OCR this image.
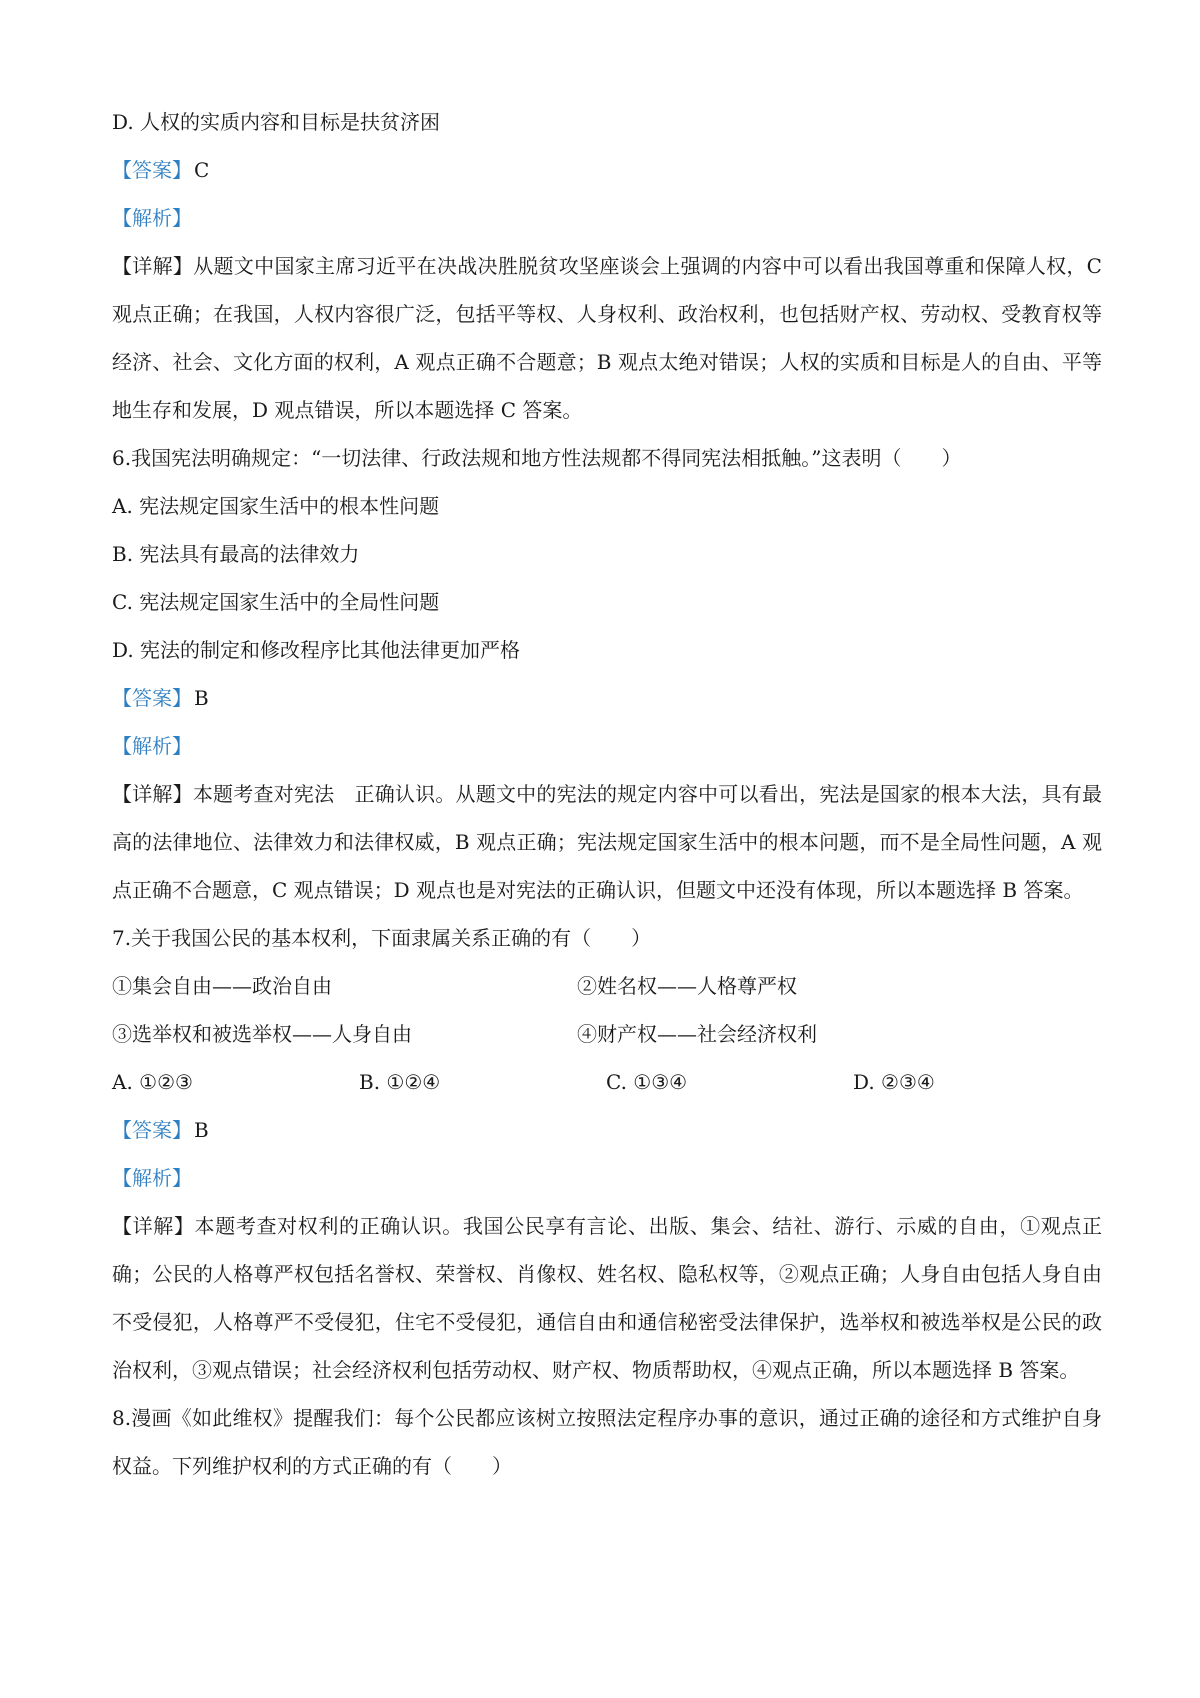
D. 人权的实质内容和目标是扶贫济困
【答案】 C
【解析】
【详解】从题文中国家主席习近平在决战决胜脱贫攻坚座谈会上强调的内容中可以看出我国尊重和保障人权，C 观点正确；在我国，人权内容很广泛，包括平等权、人身权利、政治权利，也包括财产权、劳动权、受教育权等经济、社会、文化方面的权利，A 观点正确不合题意；B 观点太绝对错误；人权的实质和目标是人的自由、平等地生存和发展，D 观点错误，所以本题选择 C 答案。
6.我国宪法明确规定：“一切法律、行政法规和地方性法规都不得同宪法相抵触。”这表明（　　）
A. 宪法规定国家生活中的根本性问题
B. 宪法具有最高的法律效力
C. 宪法规定国家生活中的全局性问题
D. 宪法的制定和修改程序比其他法律更加严格
【答案】 B
【解析】
【详解】本题考查对宪法　正确认识。从题文中的宪法的规定内容中可以看出，宪法是国家的根本大法，具有最高的法律地位、法律效力和法律权威，B 观点正确；宪法规定国家生活中的根本问题，而不是全局性问题，A 观点正确不合题意，C 观点错误；D 观点也是对宪法的正确认识，但题文中还没有体现，所以本题选择 B 答案。
7.关于我国公民的基本权利，下面隶属关系正确的有（　　）
①集会自由——政治自由	②姓名权——人格尊严权
③选举权和被选举权——人身自由	④财产权——社会经济权利
A. ①②③	B. ①②④	C. ①③④	D. ②③④
【答案】 B
【解析】
【详解】本题考查对权利的正确认识。我国公民享有言论、出版、集会、结社、游行、示威的自由，①观点正确；公民的人格尊严权包括名誉权、荣誉权、肖像权、姓名权、隐私权等，②观点正确；人身自由包括人身自由不受侵犯，人格尊严不受侵犯，住宅不受侵犯，通信自由和通信秘密受法律保护，选举权和被选举权是公民的政治权利，③观点错误；社会经济权利包括劳动权、财产权、物质帮助权，④观点正确，所以本题选择 B 答案。
8.漫画《如此维权》提醒我们：每个公民都应该树立按照法定程序办事的意识，通过正确的途径和方式维护自身权益。下列维护权利的方式正确的有（　　）
